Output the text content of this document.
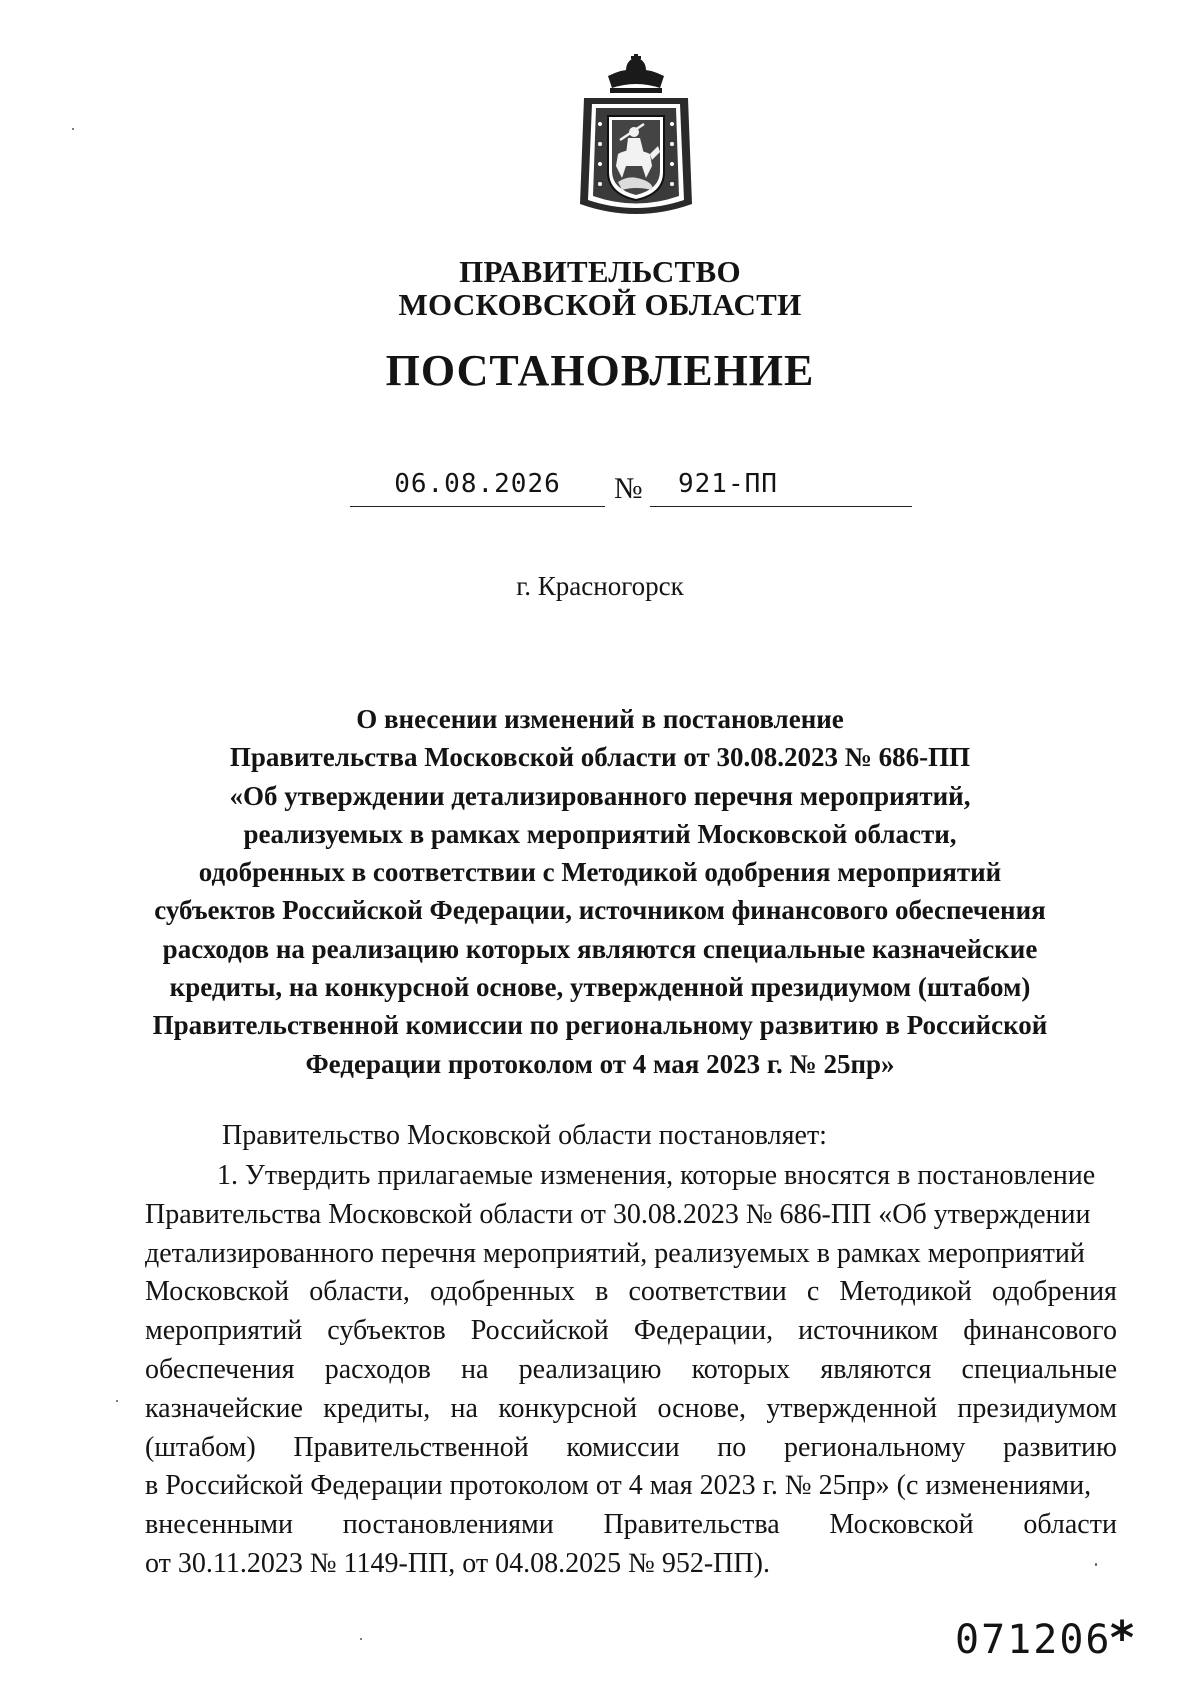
ПРАВИТЕЛЬСТВО
МОСКОВСКОЙ ОБЛАСТИ
ПОСТАНОВЛЕНИЕ
06.08.2026	№	921-ПП
г. Красногорск
О внесении изменений в постановление
Правительства Московской области от 30.08.2023 № 686-ПП
«Об утверждении детализированного перечня мероприятий,
реализуемых в рамках мероприятий Московской области,
одобренных в соответствии с Методикой одобрения мероприятий
субъектов Российской Федерации, источником финансового обеспечения
расходов на реализацию которых являются специальные казначейские
кредиты, на конкурсной основе, утвержденной президиумом (штабом)
Правительственной комиссии по региональному развитию в Российской
Федерации протоколом от 4 мая 2023 г. № 25пр»
Правительство Московской области постановляет:
1. Утвердить прилагаемые изменения, которые вносятся в постановление
Правительства Московской области от 30.08.2023 № 686-ПП «Об утверждении
детализированного перечня мероприятий, реализуемых в рамках мероприятий
Московской области, одобренных в соответствии с Методикой одобрения
мероприятий субъектов Российской Федерации, источником финансового
обеспечения расходов на реализацию которых являются специальные
казначейские кредиты, на конкурсной основе, утвержденной президиумом
(штабом) Правительственной комиссии по региональному развитию
в Российской Федерации протоколом от 4 мая 2023 г. № 25пр» (с изменениями,
внесенными постановлениями Правительства Московской области
от 30.11.2023 № 1149-ПП, от 04.08.2025 № 952-ПП).
071206
*
